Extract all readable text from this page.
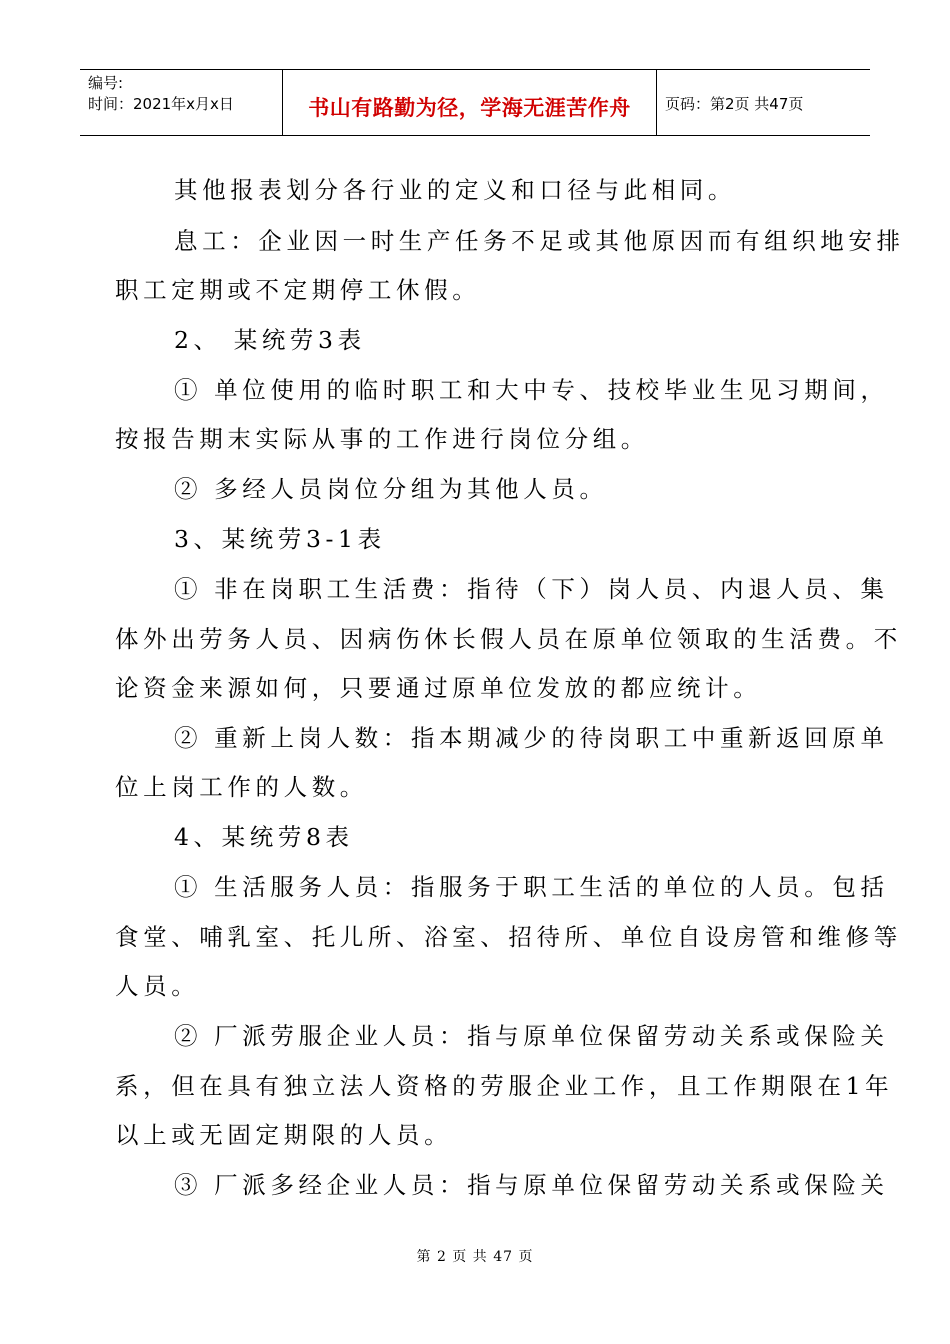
编号:
时间：2021年x月x日	书山有路勤为径，学海无涯苦作舟	页码：第2页 共47页
其他报表划分各行业的定义和口径与此相同。
息工：企业因一时生产任务不足或其他原因而有组织地安排
职工定期或不定期停工休假。
2、 某统劳3表
① 单位使用的临时职工和大中专、技校毕业生见习期间，
按报告期末实际从事的工作进行岗位分组。
② 多经人员岗位分组为其他人员。
3、某统劳3-1表
① 非在岗职工生活费：指待（下）岗人员、内退人员、集
体外出劳务人员、因病伤休长假人员在原单位领取的生活费。不
论资金来源如何，只要通过原单位发放的都应统计。
② 重新上岗人数：指本期减少的待岗职工中重新返回原单
位上岗工作的人数。
4、某统劳8表
① 生活服务人员：指服务于职工生活的单位的人员。包括
食堂、哺乳室、托儿所、浴室、招待所、单位自设房管和维修等
人员。
② 厂派劳服企业人员：指与原单位保留劳动关系或保险关
系，但在具有独立法人资格的劳服企业工作，且工作期限在1年
以上或无固定期限的人员。
③ 厂派多经企业人员：指与原单位保留劳动关系或保险关
第 2 页 共 47 页
